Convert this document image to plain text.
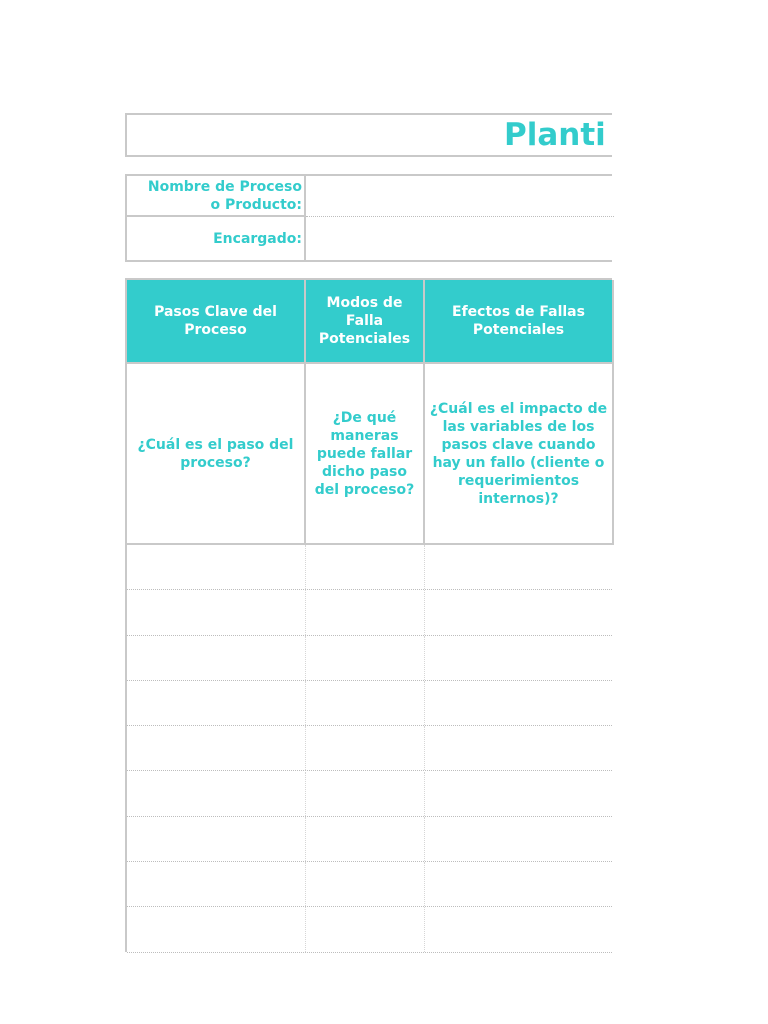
Planti
Nombre de Proceso
o Producto:
Encargado:
Pasos Clave del Proceso
Modos de Falla Potenciales
Efectos de Fallas Potenciales
¿Cuál es el paso del proceso?
¿De qué maneras puede fallar dicho paso del proceso?
¿Cuál es el impacto de las variables de los pasos clave cuando hay un fallo (cliente o requerimientos internos)?
